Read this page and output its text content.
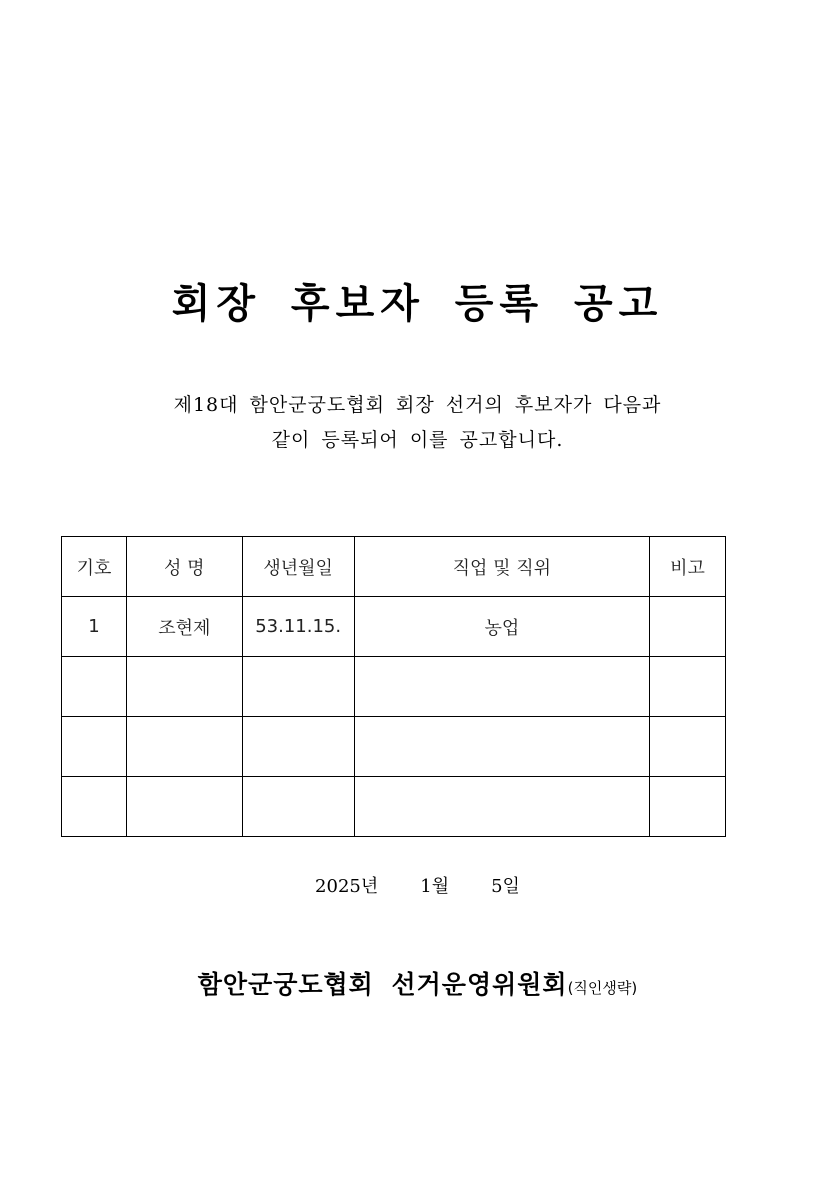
회장 후보자 등록 공고

제18대 함안군궁도협회 회장 선거의 후보자가 다음과

같이 등록되어 이를 공고합니다.

기호	성 명	생년월일	직업 및 직위	비고
1	조현제	53.11.15.	농업	

2025년 1월 5일

함안군궁도협회 선거운영위원회(직인생략)
